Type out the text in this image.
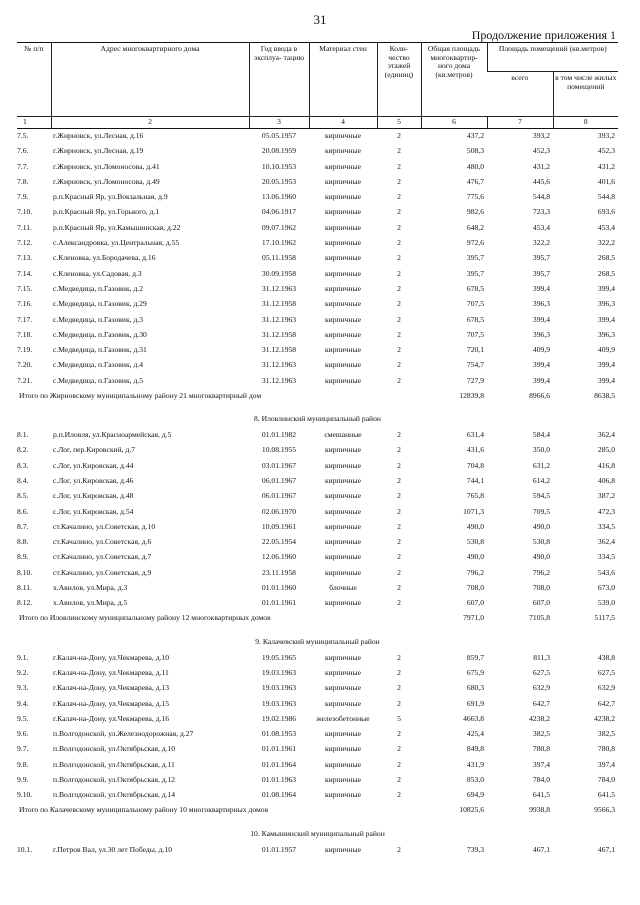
31
Продолжение приложения 1
№ п/п	Адрес многоквартирного дома	Год ввода в эксплуа- тацию	Материал стен	Коли- чество этажей (единиц)	Общая площадь многоквартир- ного дома (кв.метров)	Площадь помещений (кв.метров)	
						всего	в том числе жилых помещений
1	2	3	4	5	6	7	8
7.5.	г.Жирновск, ул.Лесная, д.16	05.05.1957	кирпичные	2	437,2	393,2	393,2
7.6.	г.Жирновск, ул.Лесная, д.19	20.08.1959	кирпичные	2	508,3	452,3	452,3
7.7.	г.Жирновск, ул.Ломоносова, д.41	10.10.1953	кирпичные	2	480,0	431,2	431,2
7.8.	г.Жирновск, ул.Ломоносова, д.49	20.05.1953	кирпичные	2	476,7	445,6	401,6
7.9.	р.п.Красный Яр, ул.Вокзальная, д.9	13.06.1960	кирпичные	2	775,6	544,8	544,8
7.10.	р.п.Красный Яр, ул.Горького, д.1	04.06.1917	кирпичные	2	982,6	723,3	693,6
7.11.	р.п.Красный Яр, ул.Камышинская, д.22	09.07.1962	кирпичные	2	648,2	453,4	453,4
7.12.	с.Александровка, ул.Центральная, д.55	17.10.1962	кирпичные	2	972,6	322,2	322,2
7.13.	с.Кленовка, ул.Бородачева, д.16	05.11.1958	кирпичные	2	395,7	395,7	268,5
7.14.	с.Кленовка, ул.Садовая, д.3	30.09.1958	кирпичные	2	395,7	395,7	268,5
7.15.	с.Медведица, п.Газовик, д.2	31.12.1963	кирпичные	2	678,5	399,4	399,4
7.16.	с.Медведица, п.Газовик, д.29	31.12.1958	кирпичные	2	707,5	396,3	396,3
7.17.	с.Медведица, п.Газовик, д.3	31.12.1963	кирпичные	2	678,5	399,4	399,4
7.18.	с.Медведица, п.Газовик, д.30	31.12.1958	кирпичные	2	707,5	396,3	396,3
7.19.	с.Медведица, п.Газовик, д.31	31.12.1958	кирпичные	2	720,1	409,9	409,9
7.20.	с.Медведица, п.Газовик, д.4	31.12.1963	кирпичные	2	754,7	399,4	399,4
7.21.	с.Медведица, п.Газовик, д.5	31.12.1963	кирпичные	2	727,9	399,4	399,4
Итого по Жирновскому муниципальному району 21 многоквартирный дом					12839,8	8966,6	8638,5
8. Иловлинский муниципальный район							
8.1.	р.п.Иловля, ул.Красноармейская, д.5	01.01.1982	смешанные	2	631,4	584,4	362,4
8.2.	с.Лог, пер.Кировский, д.7	10.08.1955	кирпичные	2	431,6	350,0	285,0
8.3.	с.Лог, ул.Кировская, д.44	03.01.1967	кирпичные	2	704,8	631,2	416,8
8.4.	с.Лог, ул.Кировская, д.46	06.01.1967	кирпичные	2	744,1	614,2	406,8
8.5.	с.Лог, ул.Кировская, д.48	06.01.1967	кирпичные	2	765,8	594,5	387,2
8.6.	с.Лог, ул.Кировская, д.54	02.06.1970	кирпичные	2	1071,3	709,5	472,3
8.7.	ст.Качалино, ул.Советская, д.10	10.09.1961	кирпичные	2	490,0	490,0	334,5
8.8.	ст.Качалино, ул.Советская, д.6	22.05.1954	кирпичные	2	530,8	530,8	362,4
8.9.	ст.Качалино, ул.Советская, д.7	12.06.1960	кирпичные	2	490,0	490,0	334,5
8.10.	ст.Качалино, ул.Советская, д.9	23.11.1958	кирпичные	2	796,2	796,2	543,6
8.11.	х.Авилов, ул.Мира, д.3	01.01.1960	блочные	2	708,0	708,0	673,0
8.12.	х.Авилов, ул.Мира, д.5	01.01.1961	кирпичные	2	607,0	607,0	539,0
Итого по Иловлинскому муниципальному району 12 многоквартирных домов					7971,0	7105,8	5117,5
9. Калачевский муниципальный район							
9.1.	г.Калач-на-Дону, ул.Чекмарева, д.10	19.05.1965	кирпичные	2	859,7	811,3	438,8
9.2.	г.Калач-на-Дону, ул.Чекмарева, д.11	19.03.1963	кирпичные	2	675,9	627,5	627,5
9.3.	г.Калач-на-Дону, ул.Чекмарева, д.13	19.03.1963	кирпичные	2	680,3	632,9	632,9
9.4.	г.Калач-на-Дону, ул.Чекмарева, д.15	19.03.1963	кирпичные	2	691,9	642,7	642,7
9.5.	г.Калач-на-Дону, ул.Чекмарева, д.16	19.02.1986	железобетонные	5	4663,8	4238,2	4238,2
9.6.	п.Волгодонской, ул.Железнодорожная, д.27	01.08.1953	кирпичные	2	425,4	382,5	382,5
9.7.	п.Волгодонской, ул.Октябрьская, д.10	01.01.1961	кирпичные	2	849,8	780,8	780,8
9.8.	п.Волгодонской, ул.Октябрьская, д.11	01.01.1964	кирпичные	2	431,9	397,4	397,4
9.9.	п.Волгодонской, ул.Октябрьская, д.12	01.01.1963	кирпичные	2	853,0	784,0	784,0
9.10.	п.Волгодонской, ул.Октябрьская, д.14	01.08.1964	кирпичные	2	694,9	641,5	641,5
Итого по Калачевскому муниципальному району 10 многоквартирных домов					10825,6	9938,8	9566,3
10. Камышинский муниципальный район							
10.1.	г.Петров Вал, ул.30 лет Победы, д.10	01.01.1957	кирпичные	2	739,3	467,1	467,1
